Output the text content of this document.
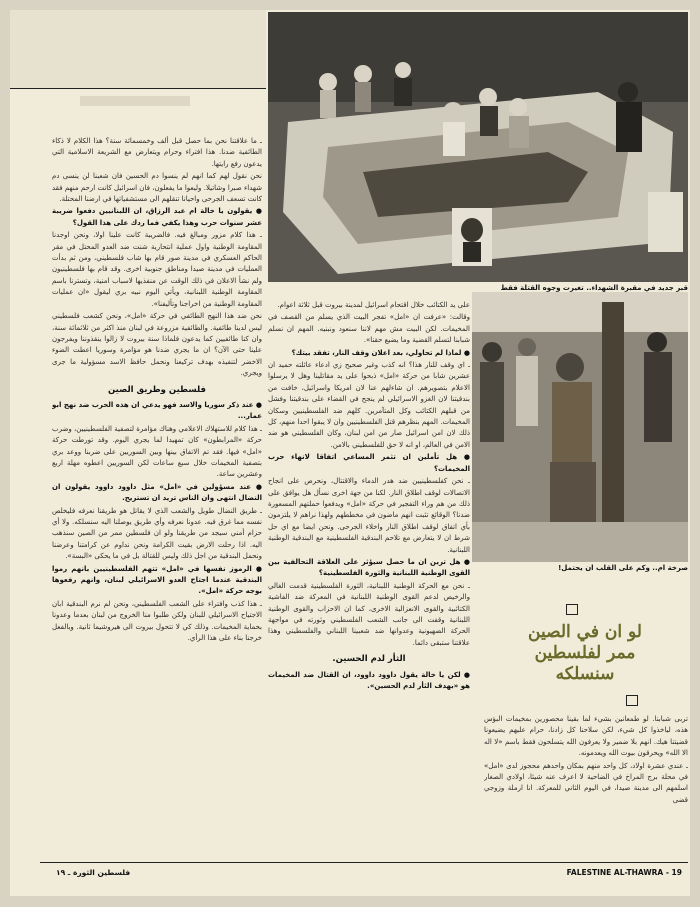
ـ ما علاقتنا نحن بما حصل قبل ألف وخمسمائة سنة؟ هذا الكلام لا ذكاء الطائفية ضدنا. هذا افتراء وحرام ويتعارض مع الشريعة الاسلامية التي يدعون رفع رايتها.

نحن نقول لهم كما انهم لم ينسوا دم الحسين فان شعبنا لن ينسى دم شهداء صبرا وشاتيلا. وليعوا ما يفعلون، فان اسرائيل كانت ارحم منهم فقد كانت تسعف الجرحى واحيانا تنقلهم الى مستشفياتها في ارضنا المحتلة.

● يقولون يا خالة ام عبد الرزاق، ان اللبنانيين دفعوا ضريبة عشر سنوات حرب وهذا يكفي فما ردك على هذا القول؟

ـ هذا كلام مزور ومبالغ فيه. فالضريبة كانت علينا اولا، ونحن اوجدنا المقاومة الوطنية واول عملية انتحارية شنت ضد العدو المحتل في مقر الحاكم العسكري في مدينة صور قام بها شاب فلسطيني، ومن ثم بدأت العمليات في مدينة صيدا ومناطق جنوبية اخرى. وقد قام بها فلسطينيون ولم نشأ الاعلان في ذلك الوقت عن منفذيها لاسباب امنية، وتسترنا باسم المقاومة الوطنية اللبنانية، ويأتي اليوم نبيه بري ليقول «ان عمليات المقاومة الوطنية من اخراجنا وتأليفنا».

نحن ضد هذا النهج الطائفي في حركة «امل»، ونحن كشعب فلسطيني ليس لدينا طائفية. والطائفية مزروعة في لبنان منذ اكثر من ثلاثمائة سنة، وان كنا طائفيين كما يدعون فلماذا سنة بيروت لا زالوا ينقذوننا ويفرجون علينا حتى الآن؟ ان ما يجري ضدنا هو مؤامرة وسوريا اعطت الضوء الاخضر لتنفيذه بهدف تركيعنا ونحمل حافظ الاسد مسؤولية ما جرى ويجري.

فلسطين وطريق الصين

● عند ذكر سوريا والاسد فهو يدعي ان هذه الحرب ضد نهج ابو عمار...

ـ هذا كلام للاستهلاك الاعلامي وهناك مؤامرة لتصفية الفلسطينيين، وضرب حركة «المرابطون» كان تمهيدا لما يجري اليوم. وقد تورطت حركة «امل» فيها. فقد تم الاتفاق بينها وبين السوريين على ضربنا ووعد بري بتصفية المخيمات خلال سبع ساعات لكن السوريين اعطوه مهلة اربع وعشرين ساعة.

● عند مسؤولين في «امل» مثل داوود داوود يقولون ان النضال انتهى وان الناس تريد ان تستريح.

ـ طريق النضال طويل والشعب الذي لا يقاتل هو طريقنا نعرفه فليخلص نفسه مما غرق فيه. عدونا نعرفه وأي طريق يوصلنا اليه سنسلكه. ولا أي حزام أمني سيجد من طريقنا ولو ان فلسطين ممر من الصين سنذهب اليه. اذا رحلت الارض بقيت الكرامة ونحن نداوم عن كرامتنا وعرضنا ونحمل البندقية من اجل ذلك وليس للقتالة بل في ما يحكى «البسة».

● الرموز نفسها في «امل» تتهم الفلسطينيين بانهم رموا البندقية عندما اجتاح العدو الاسرائيلي لبنان، وانهم رفعوها بوجه حركة «امل».

ـ هذا كذب وافتراء على الشعب الفلسطيني، ونحن لم نرم البندقية ابان الاجتياح الاسرائيلي للبنان ولكن طلبوا منا الخروج من لبنان بعدما وعدونا بحماية المخيمات. وذلك كي لا تتحول بيروت الى هيروشيما ثانية. وبالفعل خرجنا بناء على هذا الرأي.

قبر جديد في مقبرة الشهداء.. تغيرت وجوه القتلة فقط

على يد الكتائب خلال اقتحام اسرائيل لمدينة بيروت قبل ثلاثة اعوام.

وقالت: «عرفت ان «امل» تفجر البيت الذي يسلم من القصف في المخيمات. لكن البيت مش مهم لاننا سنعود ونبنيه. المهم ان نسلم شبابنا لتسلم القضية وما يضيع حقنا».

● لماذا لم تحاولي، بعد اعلان وقف النار، تفقد بيتك؟

ـ اي وقف للنار هذا؟ انه كذب وغير صحيح زي ادعاء عائلته حميد ان عشرين شابا من حركة «امل» ذبحوا على يد مقاتلينا وهل لا يرسلوا الاعلام بتصويرهم. ان شاءلهم عنا لان امريكا واسرائيل، خافت من بندقيتنا لان الغزو الاسرائيلي لم ينجح في القضاء على بندقيتنا وفشل من قبلهم الكتائب وكل المتآمرين. كلهم ضد الفلسطينيين وسكان المخيمات. المهم بنظرهم قتل الفلسطينيين وان لا يبقوا احدا منهم، كل ذلك لان امن اسرائيل صار من امن لبنان، وكان الفلسطيني هو ضد الامن في العالم، او انه لا حق للفلسطيني بالامن.

● هل تأملين ان تثمر المساعي اتفاقا لانهاء حرب المخيمات؟

ـ نحن كفلسطينيين ضد هدر الدماء والاقتتال، ونحرص على انجاح الاتصالات لوقف اطلاق النار. لكنا من جهة اخرى نسأل هل يوافق على ذلك من هم وراء التفجير في حركة «امل» ويدفعوا حملتهم المسعورة ضدنا؟ الوقائع تثبت انهم ماضون في مخططهم ولهذا نراهم لا يلتزمون بأي اتفاق لوقف اطلاق النار واخلاء الجرحى. ونحن ايضا مع اي حل شرط ان لا يتعارض مع تلاحم البندقية الفلسطينية مع البندقية الوطنية اللبنانية.

● هل ترين ان ما حصل سيؤثر على العلاقة التحالفية بين القوى الوطنية اللبنانية والثورة الفلسطينية؟

ـ نحن مع الحركة الوطنية اللبنانية، الثورة الفلسطينية قدمت الغالي والرخيص لدعم القوى الوطنية اللبنانية في المعركة ضد الفاشية الكتائبية والقوى الانعزالية الاخرى، كما ان الاحزاب والقوى الوطنية اللبنانية وقفت الى جانب الشعب الفلسطيني وثورته في مواجهة الحركة الصهيونية وعدوانها ضد شعبينا اللبناني والفلسطيني وهذا علاقتنا ستبقى دائما.

الثأر لدم الحسين.

● لكن يا خالة يقول داوود داوود، ان القتال ضد المخيمات هو «بهدف الثأر لدم الحسين».

صرخة ام.. وكم على القلب ان يحتمل!
لو ان في الصين
ممر لفلسطين
سنسلكه

تربى شبابنا. لو طمعانين بشيء لما بقينا محصورين بمخيمات البؤس هذه، لياخذوا كل شيء، لكن سلاحنا كل زادنا، حرام عليهم يضيعونا قضيتنا هيك. انهم بلا ضمير ولا يعرفون الله يتسلحون فقط باسم «لا اله الا الله» ويحرقون بيوت الله ويعدمونه.

ـ عندي عشرة اولاد، كل واحد منهم بمكان واحدهم محجوز لدى «امل» في محلة برج المراخ في الضاحية لا اعرف عنه شيئا، اولادي الصغار اسلمهم الى مدينة صيدا، في اليوم الثاني للمعركة. انا ارملة وزوجي قضى

فلسطين الثورة ـ ١٩	FALESTINE AL-THAWRA - 19
